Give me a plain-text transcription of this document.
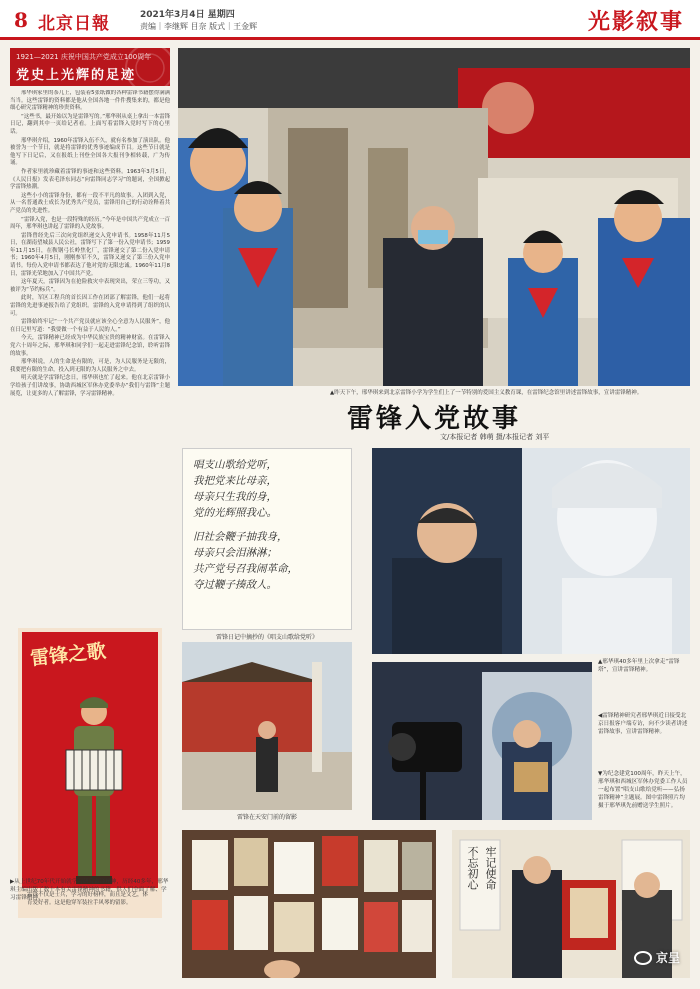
8 北京日報	2021年3月4日 星期四
责编｜李继辉 目奈 版式｜王金辉	光影叙事
1921—2021 庆祝中国共产党成立100周年
党史上光辉的足迹

邢华琪家里的茶几上，包装着5张纸做的各种雷锋书籍摆得满满当当。这些雷锋的资料都是他从全国各地一件件搜集来的，都是他细心研究雷锋精神的珍贵资料。

“这些书，最开始以为是雷锋写的。”邢华琪从桌上拿出一本雷锋日记，翻到其中一页给记者看。上面写着雷锋入党时写下的心里话。

邢华琪介绍，1960年雷锋入伍不久，就有名参加了演出队。他被誉为一个节日，就是将雷锋的优秀事迹编成节目。这些节日就是他写下日记后，又在报纸上刊登全国各大报刊争相转载，广为传诵。

作者家里就珍藏着雷锋的事迹和这些资料。1963年3月5日，《人民日报》发表毛泽东同志“向雷锋同志学习”的题词，全国掀起学雷锋热潮。

这些小小的雷锋身份，都有一段不平凡的故事。入团到入党，从一名普通战士成长为优秀共产党员，雷锋用自己的行动诠释着共产党员的先进性。

“雷锋入党，也是一段特殊的经历。”今年是中国共产党成立一百周年，邢华琪也讲起了雷锋的入党故事。

雷锋曾经先后三次向党组织递交入党申请书。1958年11月5日，在湖南望城县人民公社，雷锋写下了第一份入党申请书；1959年11月15日，在鞍钢弓长岭焦化厂，雷锋递交了第二份入党申请书；1960年4月5日，刚刚参军不久，雷锋又递交了第三份入党申请书。每份入党申请书都表达了他对党的无限忠诚。1960年11月8日，雷锋光荣地加入了中国共产党。

这年夏天，雷锋因为在抢险救灾中表现突出，荣立三等功，又被评为“节约标兵”。

此时，军区工程兵的首长因工作在团部了解雷锋，他们一起将雷锋的先进事迹报告给了党组织。雷锋的入党申请得到了组织的认可。

雷锋始终牢记“一个共产党员就应该全心全意为人民服务”，他在日记里写道：“我要做一个有益于人民的人。”

今天，雷锋精神已经成为中华民族宝贵的精神财富。在雷锋入党六十周年之际，邢华琪和同学们一起走进雷锋纪念馆，聆听雷锋的故事。

邢华琪说，人的生命是有限的，可是，为人民服务是无限的，我要把有限的生命，投入到无限的为人民服务之中去。

明天就是学雷锋纪念日，邢华琪也忙了起来。他在北京雷锋小学给孩子们讲故事，协助西城区军休办党委举办“我们与雷锋”主题展览，让更多的人了解雷锋，学习雷锋精神。

雷锋之歌
雷锋不仅是士兵，学习的好榜样，而且是文艺，体育爱好者。这是他穿军装拉手风琴的留影。
▶从上世纪70年代开始就学习研究雷锋精神，历经40多年，邢华琪主编出版了数十本有关雷锋精神的书籍，供人们全面了解、学习雷锋精神。
▲昨天下午，邢华琪来到北京雷锋小学为学生们上了一节特别的爱国主义教育课，在雷锋纪念馆里讲述雷锋故事，宣讲雷锋精神。
雷锋入党故事
文/本报记者 韩萌 摄/本报记者 刘平
唱支山歌给党听，
我把党来比母亲，
母亲只生我的身，
党的光辉照我心。
旧社会鞭子抽我身，
母亲只会泪淋淋；
共产党号召我闹革命，
夺过鞭子揍敌人。
雷锋日记中摘抄的《唱支山歌给党听》
雷锋在天安门前的留影
▲邢华琪40多年里上次拿走“雷锋塔”，宣讲雷锋精神。
◀雷锋精神研究者邢华琪近日接受北京日报客户端专访，向不少读者讲述雷锋故事，宣讲雷锋精神。
▼为纪念建党100周年，昨天上午，邢华琪和西城区军休办党委工作人员一起布置“唱支山歌给党听——弘扬雷锋精神”主题展。图中雷锋照片均摄于邢华琪先前赠送学生照片。
不忘初心 牢记使命
京呈
